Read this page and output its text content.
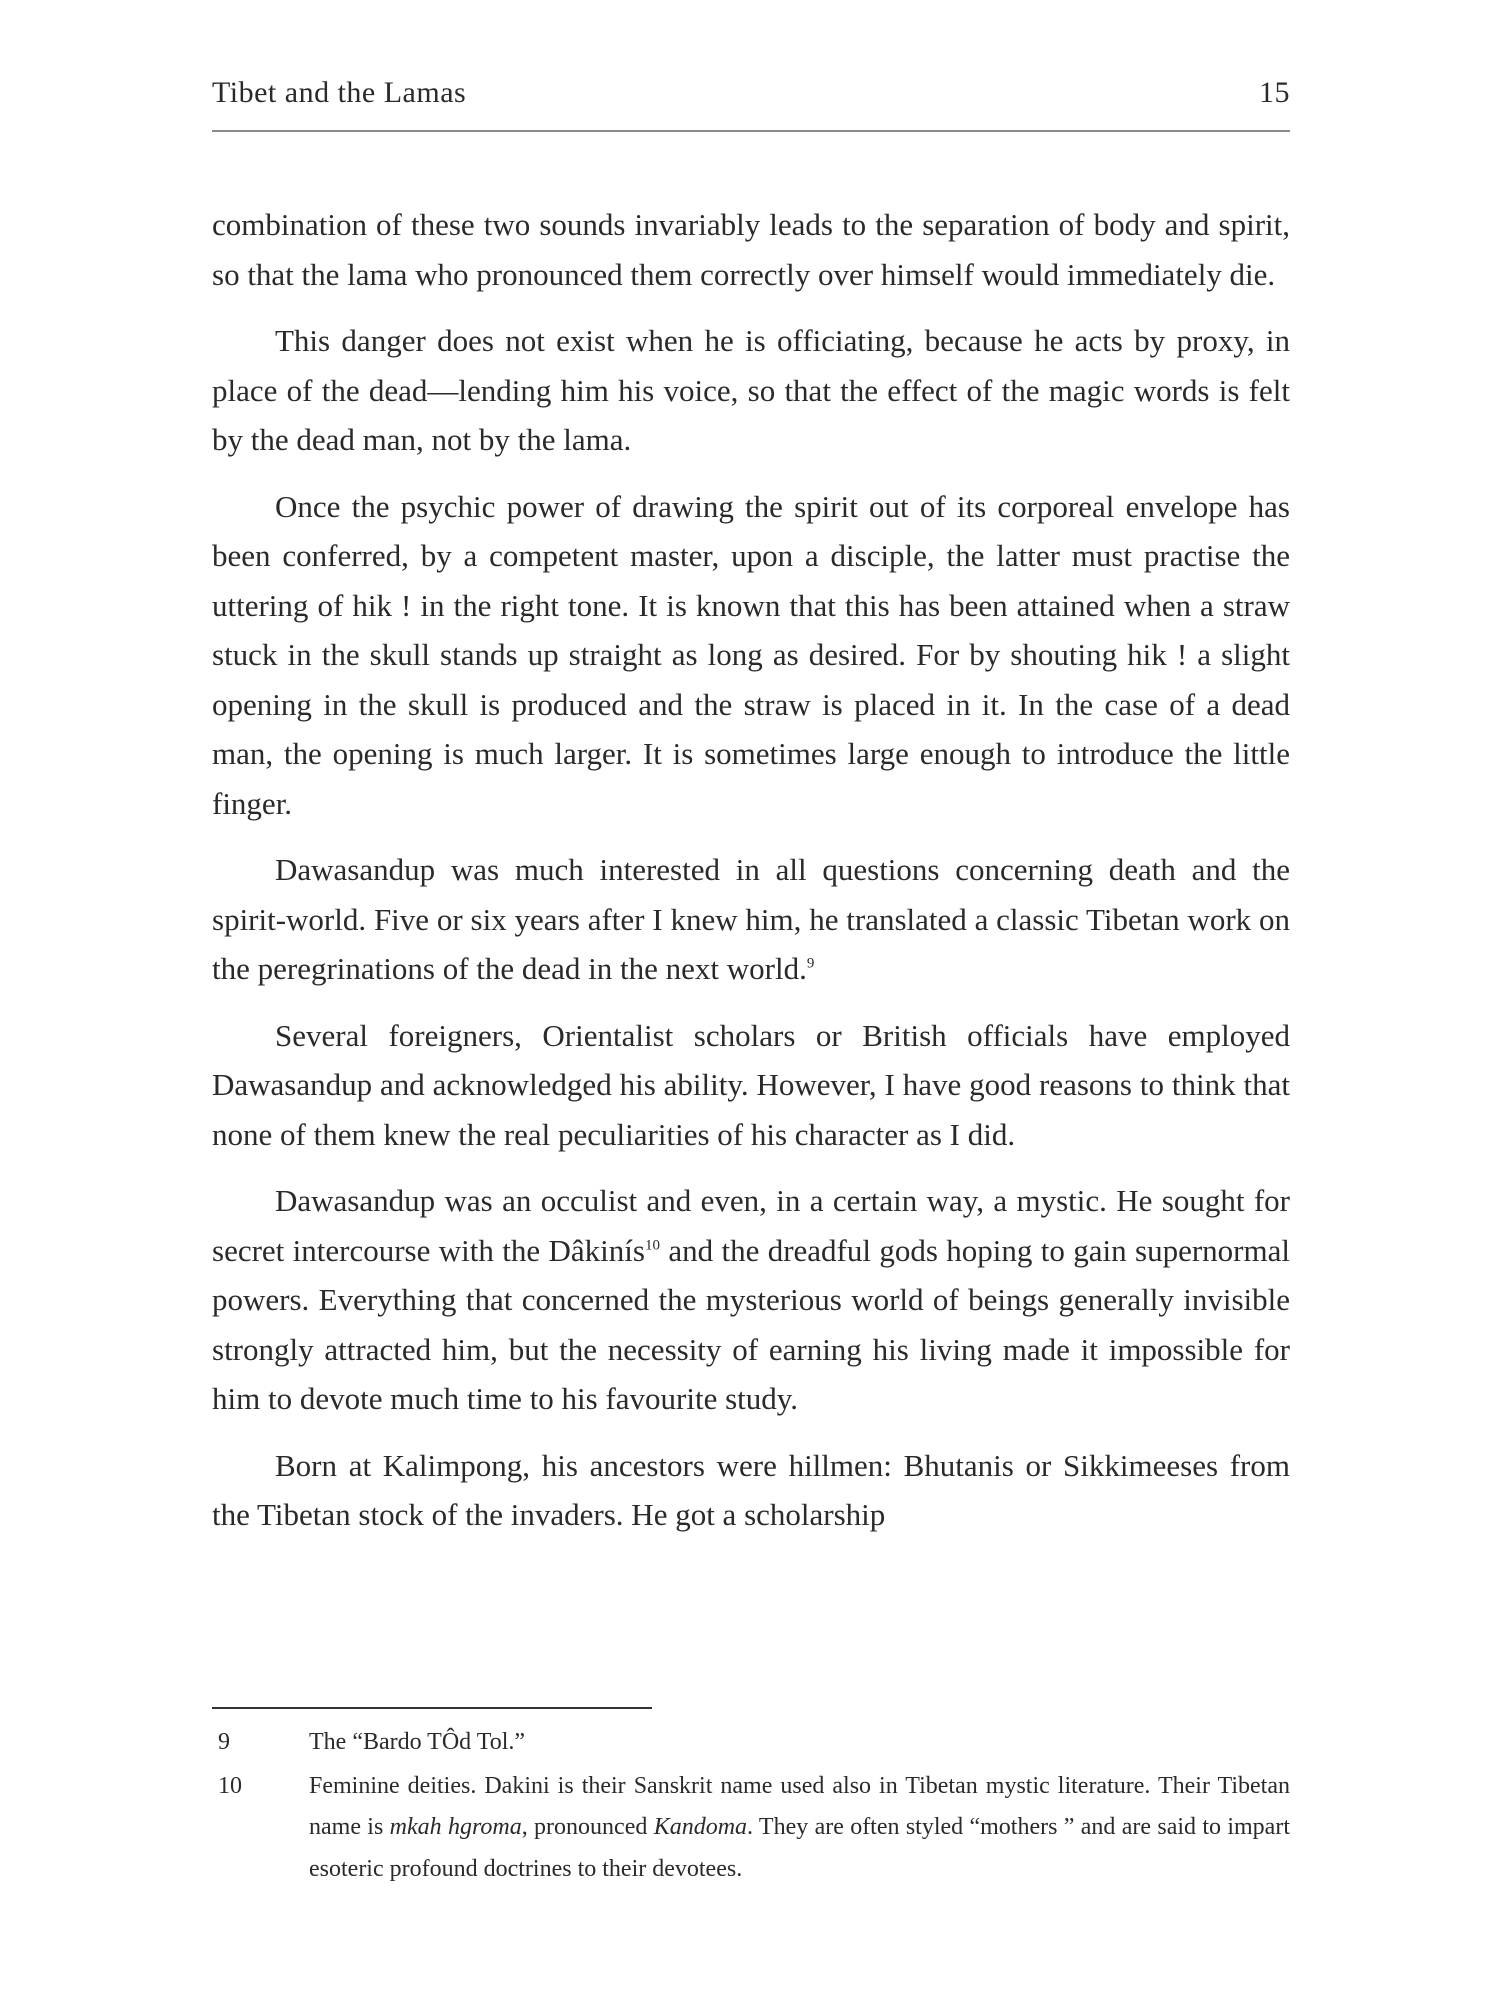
Tibet and the Lamas	15

combination of these two sounds invariably leads to the separation of body and spirit, so that the lama who pronounced them correctly over himself would immediately die.

This danger does not exist when he is officiating, because he acts by proxy, in place of the dead—lending him his voice, so that the effect of the magic words is felt by the dead man, not by the lama.

Once the psychic power of drawing the spirit out of its corporeal envelope has been conferred, by a competent master, upon a disciple, the latter must practise the uttering of hik ! in the right tone. It is known that this has been attained when a straw stuck in the skull stands up straight as long as desired. For by shouting hik ! a slight opening in the skull is produced and the straw is placed in it. In the case of a dead man, the opening is much larger. It is sometimes large enough to introduce the little finger.

Dawasandup was much interested in all questions concerning death and the spirit-world. Five or six years after I knew him, he translated a classic Tibetan work on the peregrinations of the dead in the next world.$^9$

Several foreigners, Orientalist scholars or British officials have employed Dawasandup and acknowledged his ability. However, I have good reasons to think that none of them knew the real peculiarities of his character as I did.

Dawasandup was an occulist and even, in a certain way, a mystic. He sought for secret intercourse with the Dâkinís$^{10}$ and the dreadful gods hoping to gain supernormal powers. Everything that concerned the mysterious world of beings generally invisible strongly attracted him, but the necessity of earning his living made it impossible for him to devote much time to his favourite study.

Born at Kalimpong, his ancestors were hillmen: Bhutanis or Sikkimeeses from the Tibetan stock of the invaders. He got a scholarship

9	The “Bardo TÔd Tol.”
10	Feminine deities. Dakini is their Sanskrit name used also in Tibetan mystic literature. Their Tibetan name is mkah hgroma, pronounced Kandoma. They are often styled “mothers ” and are said to impart esoteric profound doctrines to their devotees.
